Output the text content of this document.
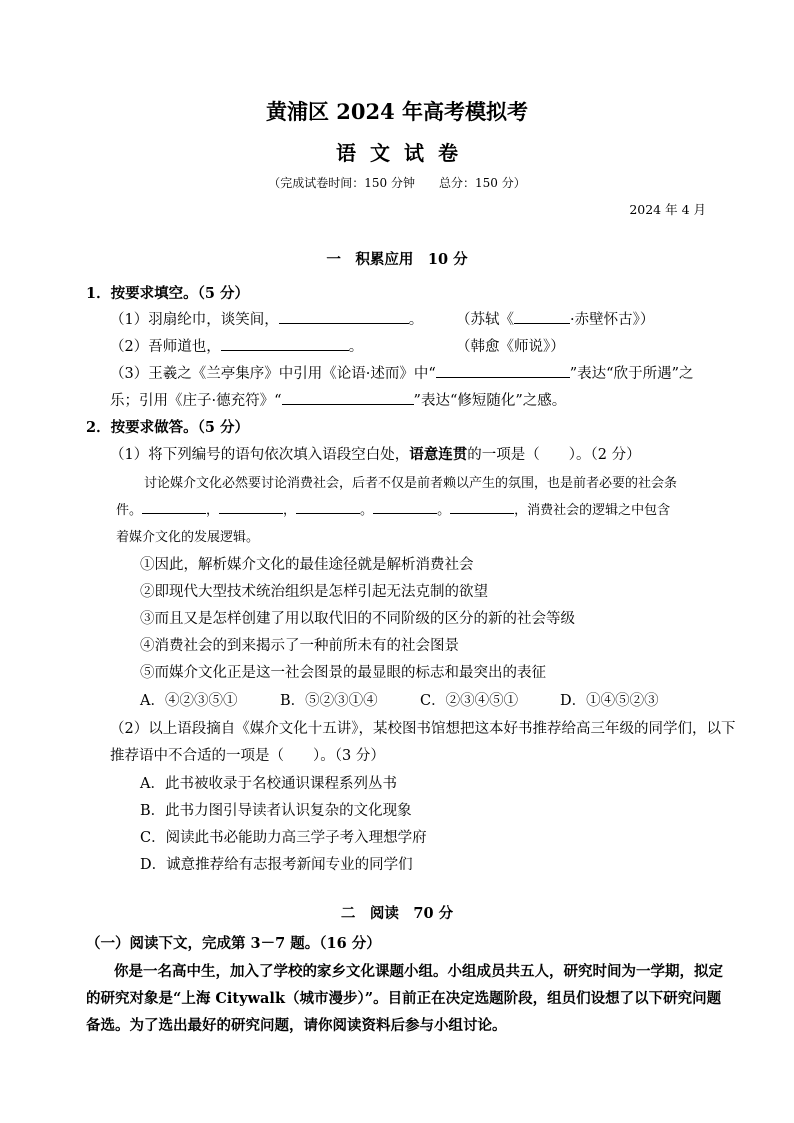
黄浦区 2024 年高考模拟考
语文试卷
（完成试卷时间：150 分钟　　总分：150 分）
2024 年 4 月
一　积累应用　10 分
1．按要求填空。（5 分）
（1）羽扇纶巾，谈笑间，	。 （苏轼《	·赤壁怀古》）
（2）吾师道也，	。	（韩愈《师说》）
（3）王羲之《兰亭集序》中引用《论语·述而》中“	”表达“欣于所遇”之
乐；引用《庄子·德充符》“	”表达“修短随化”之感。
2．按要求做答。（5 分）
（1）将下列编号的语句依次填入语段空白处，语意连贯的一项是（　　）。（2 分）
讨论媒介文化必然要讨论消费社会，后者不仅是前者赖以产生的氛围，也是前者必要的社会条
件。	，	，	。	。	，消费社会的逻辑之中包含
着媒介文化的发展逻辑。
①因此，解析媒介文化的最佳途径就是解析消费社会
②即现代大型技术统治组织是怎样引起无法克制的欲望
③而且又是怎样创建了用以取代旧的不同阶级的区分的新的社会等级
④消费社会的到来揭示了一种前所未有的社会图景
⑤而媒介文化正是这一社会图景的最显眼的标志和最突出的表征
A．④②③⑤①	B．⑤②③①④	C．②③④⑤①	D．①④⑤②③
（2）以上语段摘自《媒介文化十五讲》，某校图书馆想把这本好书推荐给高三年级的同学们，以下
推荐语中不合适的一项是（　　）。（3 分）
A．此书被收录于名校通识课程系列丛书
B．此书力图引导读者认识复杂的文化现象
C．阅读此书必能助力高三学子考入理想学府
D．诚意推荐给有志报考新闻专业的同学们
二　阅读　70 分
（一）阅读下文，完成第 3－7 题。（16 分）
你是一名高中生，加入了学校的家乡文化课题小组。小组成员共五人，研究时间为一学期，拟定
的研究对象是“上海 Citywalk（城市漫步）”。目前正在决定选题阶段，组员们设想了以下研究问题
备选。为了选出最好的研究问题，请你阅读资料后参与小组讨论。
